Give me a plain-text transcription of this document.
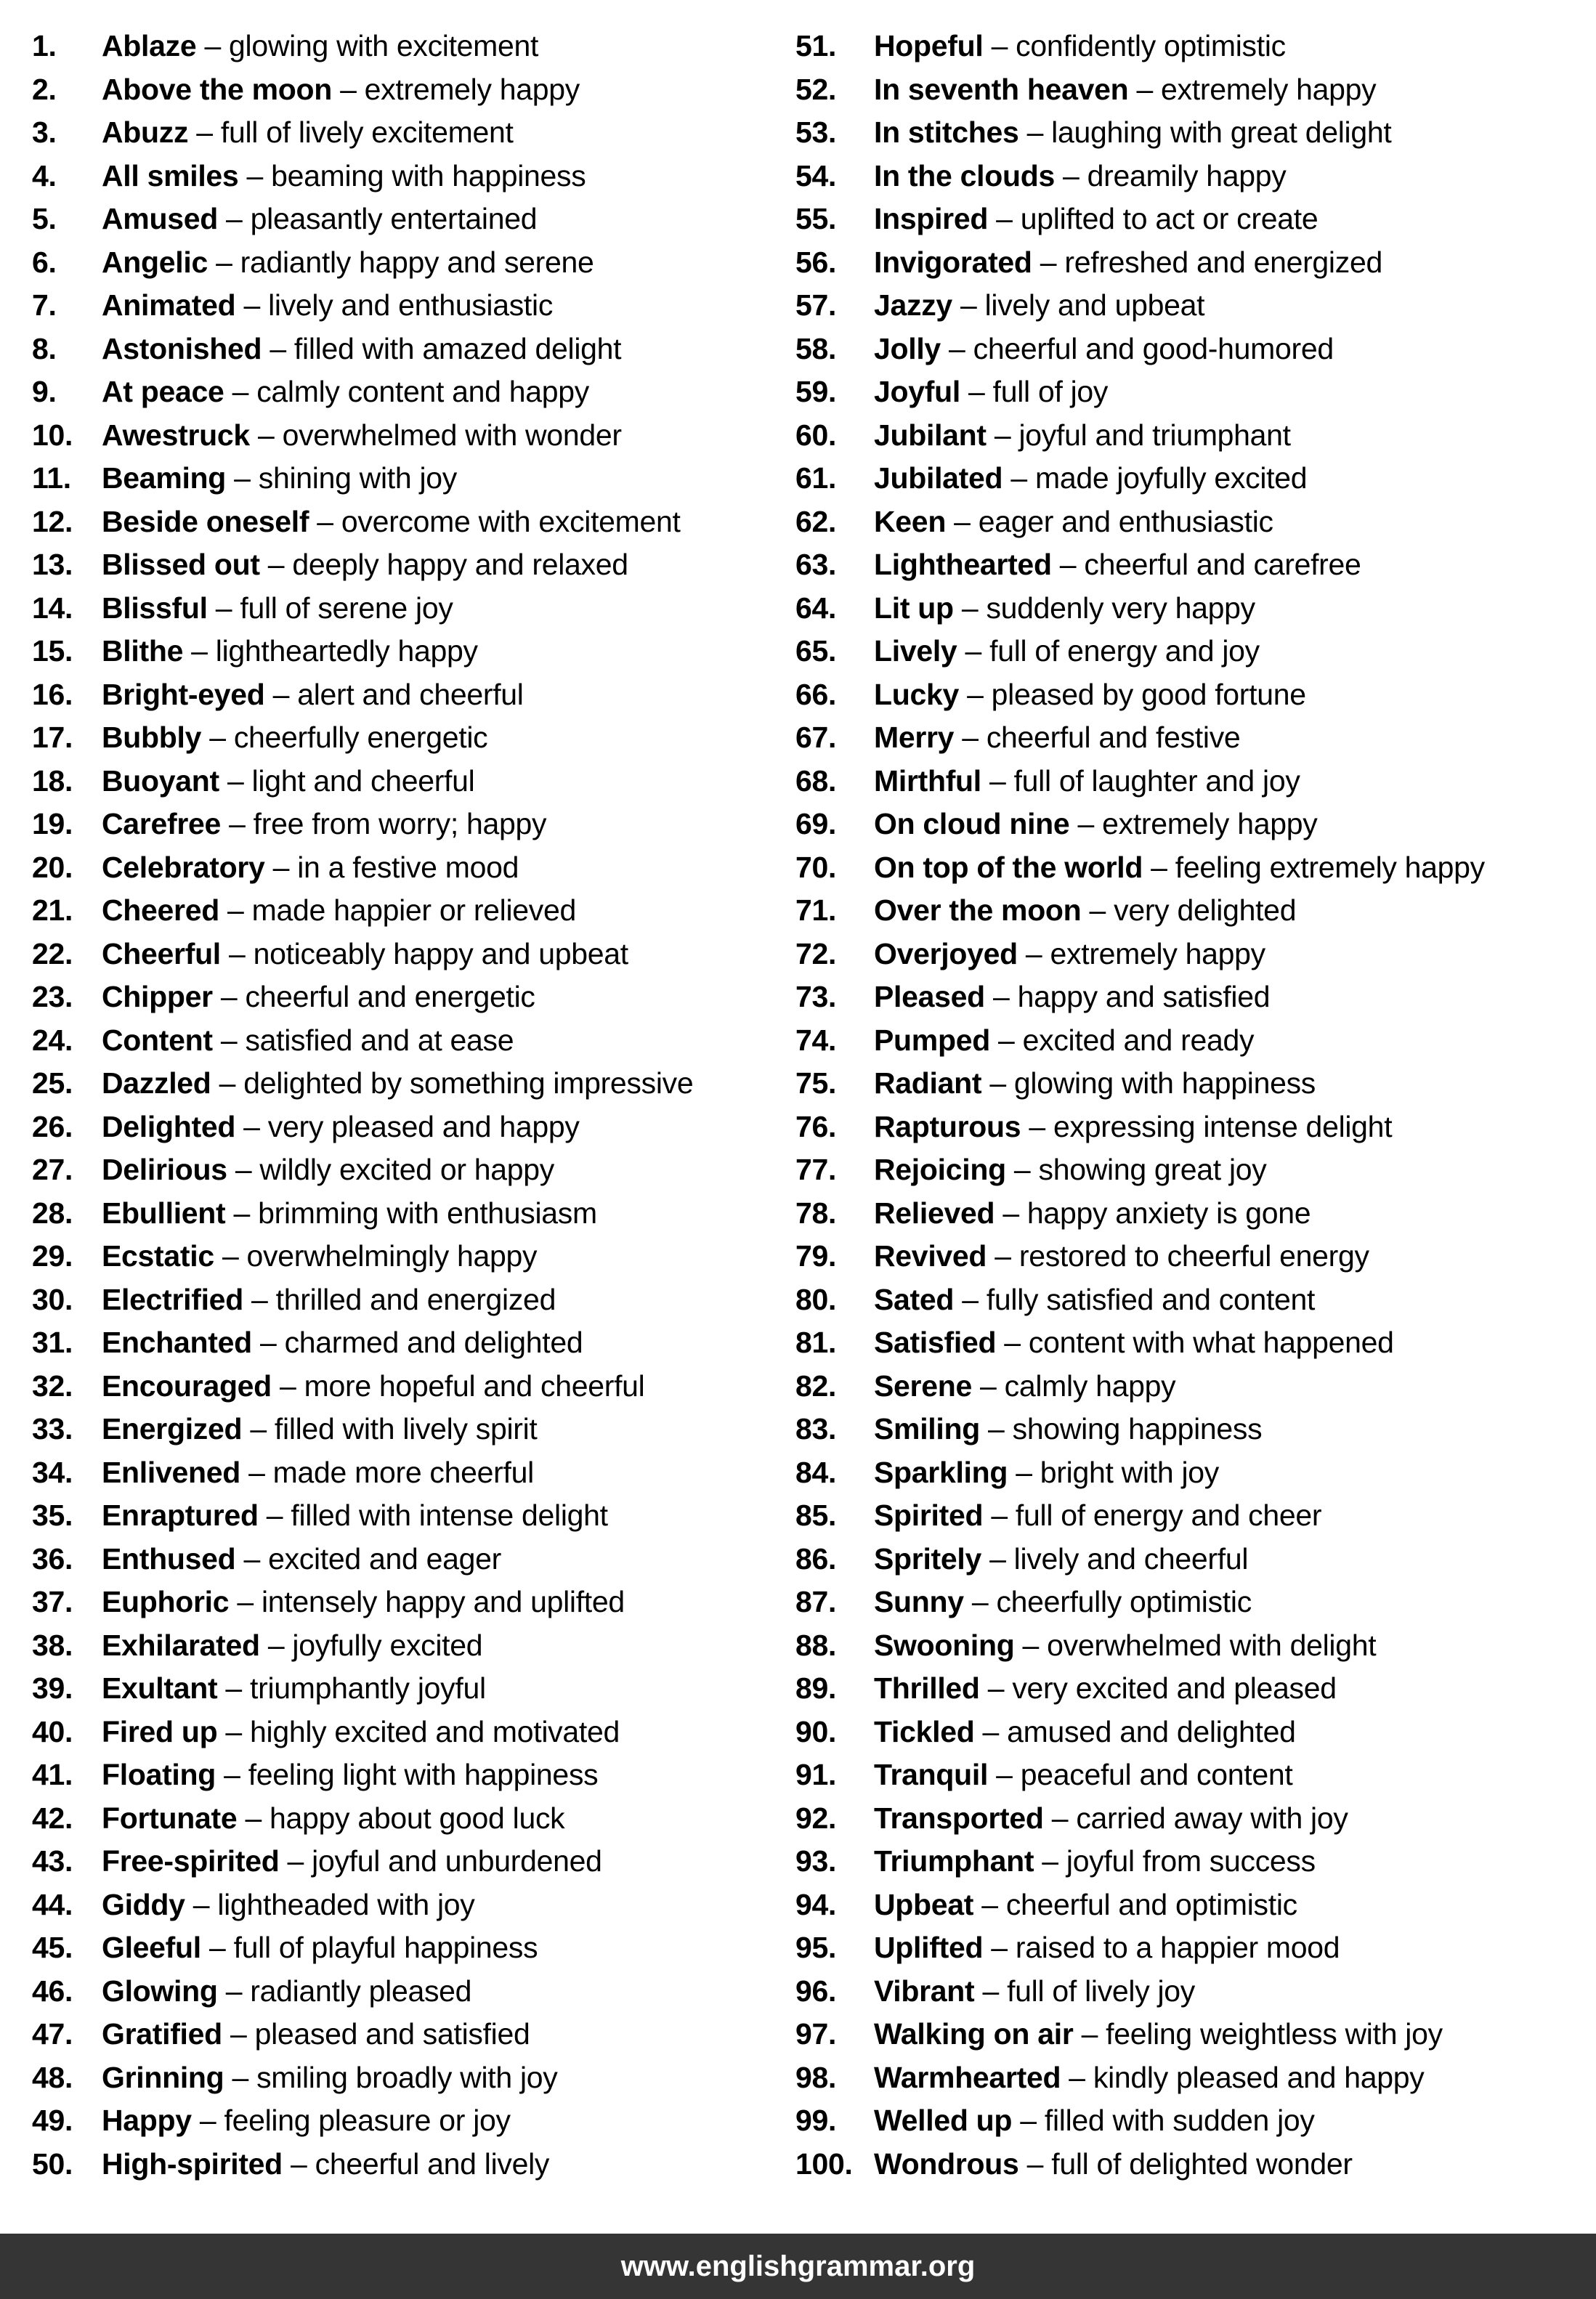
1. Ablaze – glowing with excitement
2. Above the moon – extremely happy
3. Abuzz – full of lively excitement
4. All smiles – beaming with happiness
5. Amused – pleasantly entertained
6. Angelic – radiantly happy and serene
7. Animated – lively and enthusiastic
8. Astonished – filled with amazed delight
9. At peace – calmly content and happy
10. Awestruck – overwhelmed with wonder
11. Beaming – shining with joy
12. Beside oneself – overcome with excitement
13. Blissed out – deeply happy and relaxed
14. Blissful – full of serene joy
15. Blithe – lightheartedly happy
16. Bright-eyed – alert and cheerful
17. Bubbly – cheerfully energetic
18. Buoyant – light and cheerful
19. Carefree – free from worry; happy
20. Celebratory – in a festive mood
21. Cheered – made happier or relieved
22. Cheerful – noticeably happy and upbeat
23. Chipper – cheerful and energetic
24. Content – satisfied and at ease
25. Dazzled – delighted by something impressive
26. Delighted – very pleased and happy
27. Delirious – wildly excited or happy
28. Ebullient – brimming with enthusiasm
29. Ecstatic – overwhelmingly happy
30. Electrified – thrilled and energized
31. Enchanted – charmed and delighted
32. Encouraged – more hopeful and cheerful
33. Energized – filled with lively spirit
34. Enlivened – made more cheerful
35. Enraptured – filled with intense delight
36. Enthused – excited and eager
37. Euphoric – intensely happy and uplifted
38. Exhilarated – joyfully excited
39. Exultant – triumphantly joyful
40. Fired up – highly excited and motivated
41. Floating – feeling light with happiness
42. Fortunate – happy about good luck
43. Free-spirited – joyful and unburdened
44. Giddy – lightheaded with joy
45. Gleeful – full of playful happiness
46. Glowing – radiantly pleased
47. Gratified – pleased and satisfied
48. Grinning – smiling broadly with joy
49. Happy – feeling pleasure or joy
50. High-spirited – cheerful and lively
51. Hopeful – confidently optimistic
52. In seventh heaven – extremely happy
53. In stitches – laughing with great delight
54. In the clouds – dreamily happy
55. Inspired – uplifted to act or create
56. Invigorated – refreshed and energized
57. Jazzy – lively and upbeat
58. Jolly – cheerful and good-humored
59. Joyful – full of joy
60. Jubilant – joyful and triumphant
61. Jubilated – made joyfully excited
62. Keen – eager and enthusiastic
63. Lighthearted – cheerful and carefree
64. Lit up – suddenly very happy
65. Lively – full of energy and joy
66. Lucky – pleased by good fortune
67. Merry – cheerful and festive
68. Mirthful – full of laughter and joy
69. On cloud nine – extremely happy
70. On top of the world – feeling extremely happy
71. Over the moon – very delighted
72. Overjoyed – extremely happy
73. Pleased – happy and satisfied
74. Pumped – excited and ready
75. Radiant – glowing with happiness
76. Rapturous – expressing intense delight
77. Rejoicing – showing great joy
78. Relieved – happy anxiety is gone
79. Revived – restored to cheerful energy
80. Sated – fully satisfied and content
81. Satisfied – content with what happened
82. Serene – calmly happy
83. Smiling – showing happiness
84. Sparkling – bright with joy
85. Spirited – full of energy and cheer
86. Spritely – lively and cheerful
87. Sunny – cheerfully optimistic
88. Swooning – overwhelmed with delight
89. Thrilled – very excited and pleased
90. Tickled – amused and delighted
91. Tranquil – peaceful and content
92. Transported – carried away with joy
93. Triumphant – joyful from success
94. Upbeat – cheerful and optimistic
95. Uplifted – raised to a happier mood
96. Vibrant – full of lively joy
97. Walking on air – feeling weightless with joy
98. Warmhearted – kindly pleased and happy
99. Welled up – filled with sudden joy
100. Wondrous – full of delighted wonder
www.englishgrammar.org
